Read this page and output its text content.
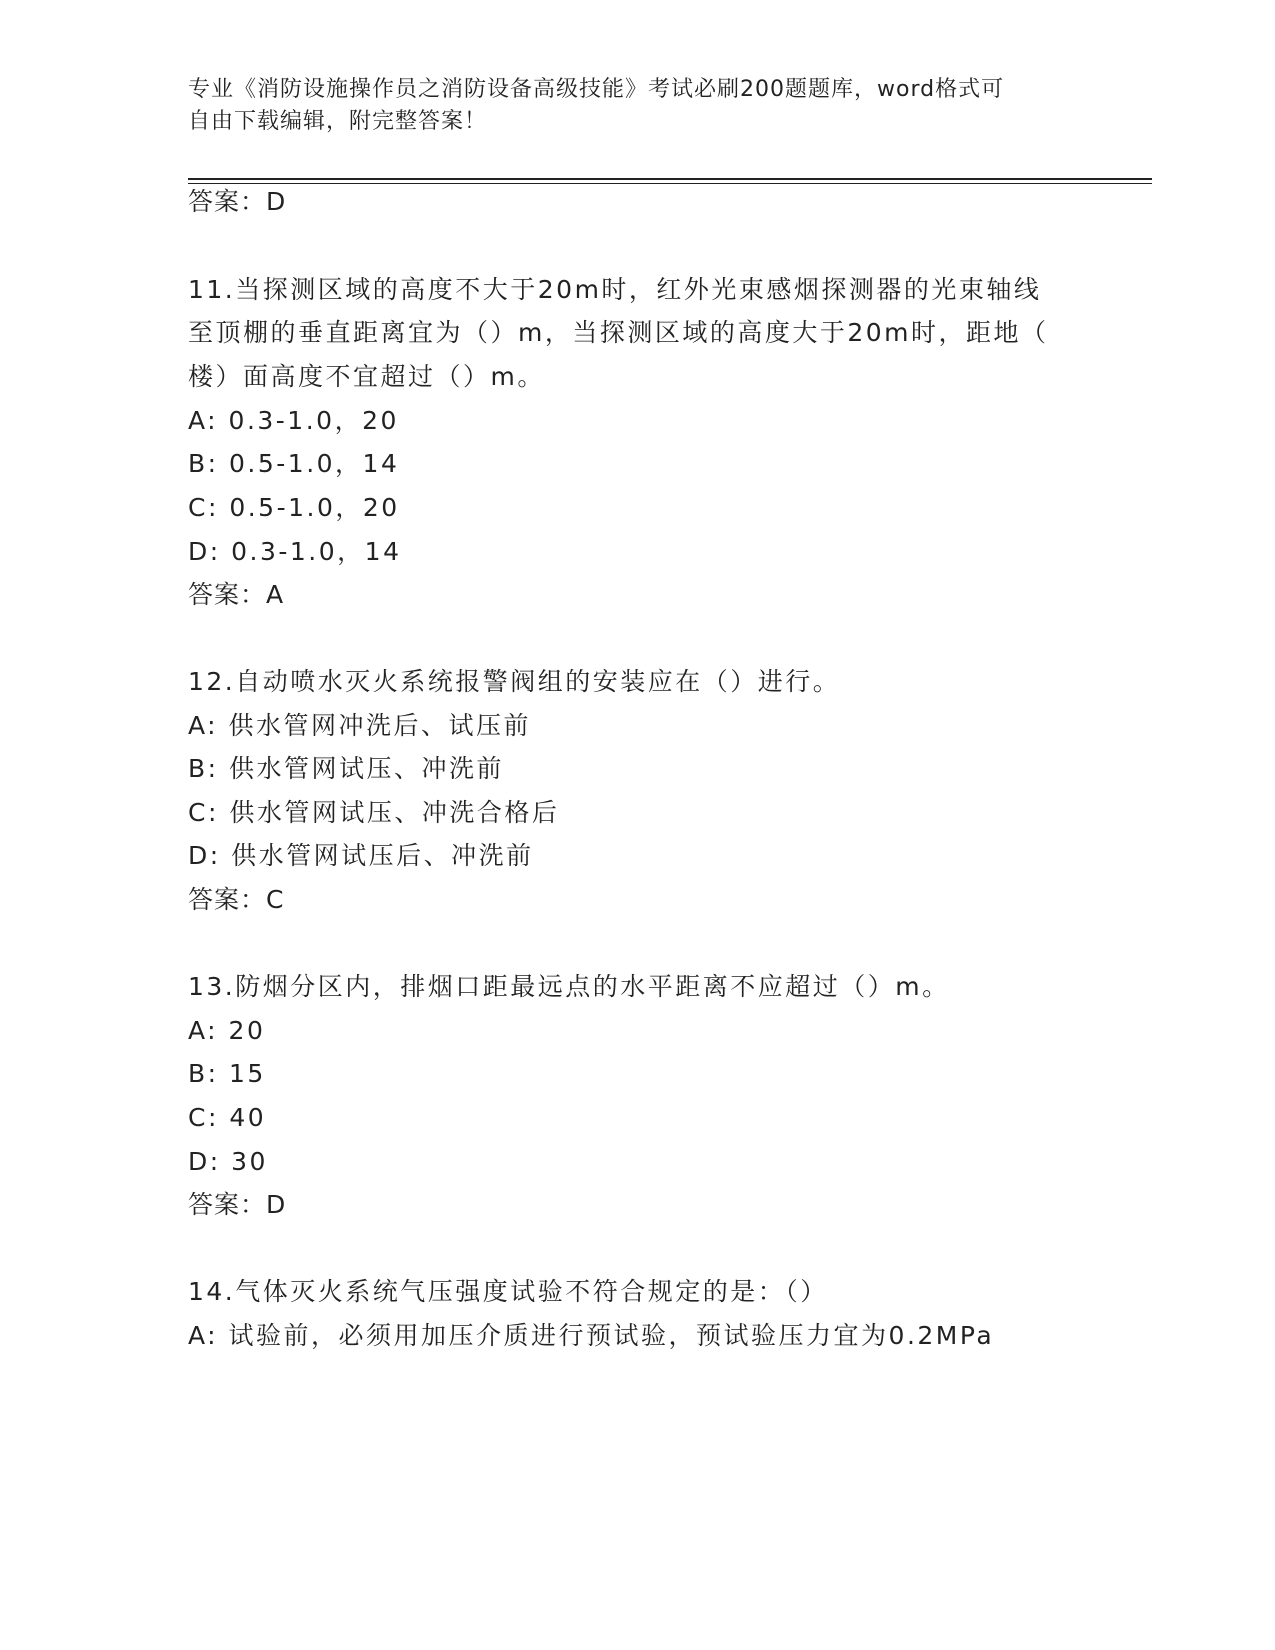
专业《消防设施操作员之消防设备高级技能》考试必刷200题题库，word格式可
自由下载编辑，附完整答案！
答案：D
11.当探测区域的高度不大于20m时，红外光束感烟探测器的光束轴线
至顶棚的垂直距离宜为（）m，当探测区域的高度大于20m时，距地（
楼）面高度不宜超过（）m。
A: 0.3-1.0，20
B: 0.5-1.0，14
C: 0.5-1.0，20
D: 0.3-1.0，14
答案：A
12.自动喷水灭火系统报警阀组的安装应在（）进行。
A: 供水管网冲洗后、试压前
B: 供水管网试压、冲洗前
C: 供水管网试压、冲洗合格后
D: 供水管网试压后、冲洗前
答案：C
13.防烟分区内，排烟口距最远点的水平距离不应超过（）m。
A: 20
B: 15
C: 40
D: 30
答案：D
14.气体灭火系统气压强度试验不符合规定的是：（）
A: 试验前，必须用加压介质进行预试验，预试验压力宜为0.2MPa
